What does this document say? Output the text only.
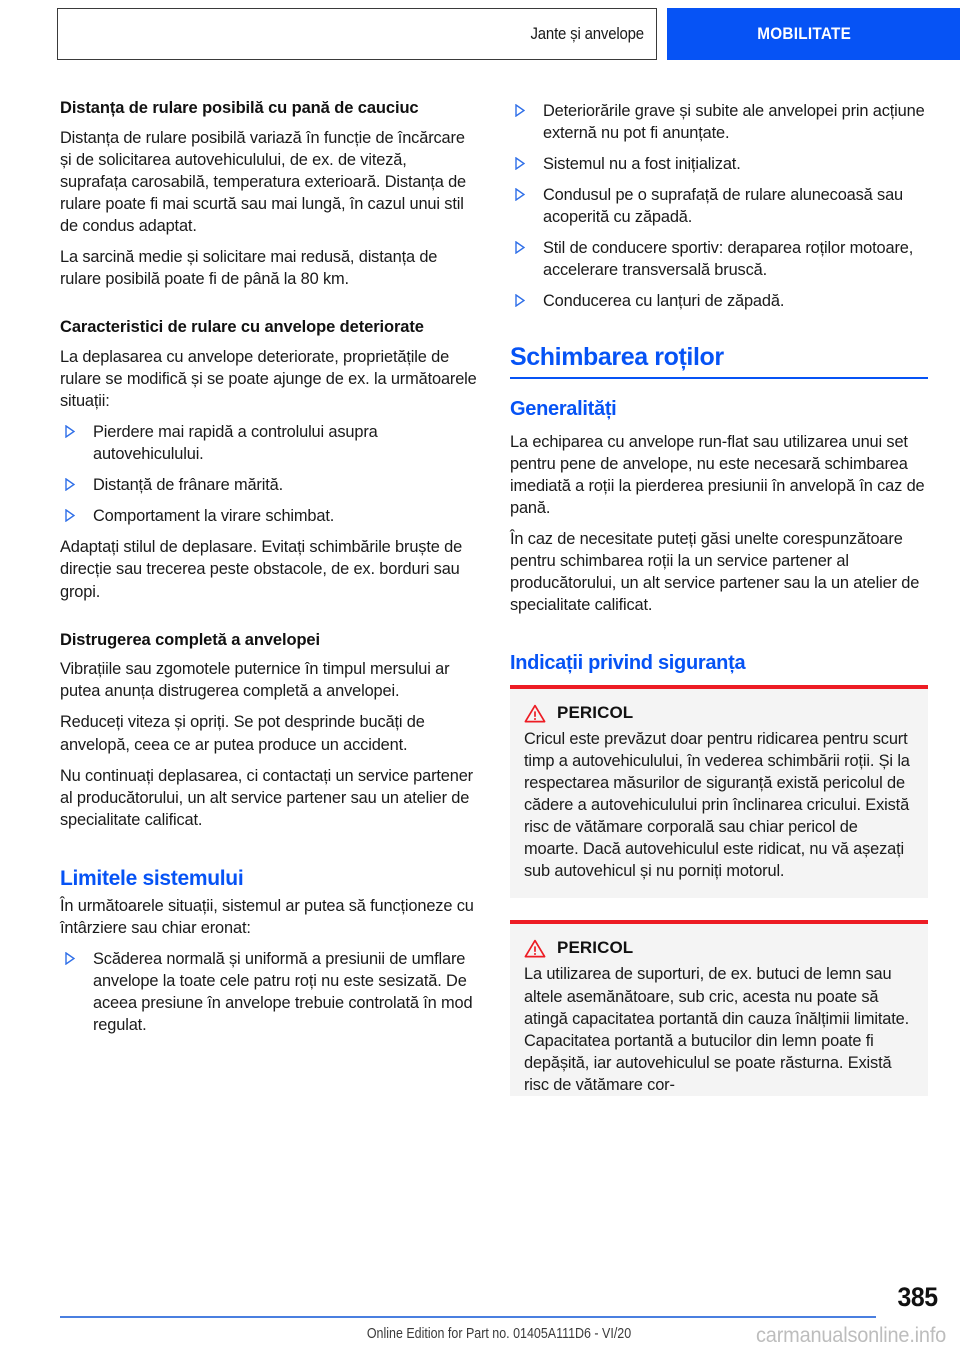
Jante și anvelope	MOBILITATE
Distanța de rulare posibilă cu pană de cauciuc

Distanța de rulare posibilă variază în funcție de încărcare și de solicitarea autovehiculului, de ex. de viteză, suprafața carosabilă, temperatura exterioară. Distanța de rulare poate fi mai scurtă sau mai lungă, în cazul unui stil de condus adaptat.

La sarcină medie și solicitare mai redusă, distanța de rulare posibilă poate fi de până la 80 km.

Caracteristici de rulare cu anvelope deteriorate

La deplasarea cu anvelope deteriorate, proprietățile de rulare se modifică și se poate ajunge de ex. la următoarele situații:

Pierdere mai rapidă a controlului asupra autovehiculului.
Distanță de frânare mărită.
Comportament la virare schimbat.

Adaptați stilul de deplasare. Evitați schimbările bruște de direcție sau trecerea peste obstacole, de ex. borduri sau gropi.

Distrugerea completă a anvelopei

Vibrațiile sau zgomotele puternice în timpul mersului ar putea anunța distrugerea completă a anvelopei.

Reduceți viteza și opriți. Se pot desprinde bucăți de anvelopă, ceea ce ar putea produce un accident.

Nu continuați deplasarea, ci contactați un service partener al producătorului, un alt service partener sau un atelier de specialitate calificat.

Limitele sistemului

În următoarele situații, sistemul ar putea să funcționeze cu întârziere sau chiar eronat:

Scăderea normală și uniformă a presiunii de umflare anvelope la toate cele patru roți nu este sesizată. De aceea presiune în anvelope trebuie controlată în mod regulat.
Deteriorările grave și subite ale anvelopei prin acțiune externă nu pot fi anunțate.
Sistemul nu a fost inițializat.
Condusul pe o suprafață de rulare alunecoasă sau acoperită cu zăpadă.
Stil de conducere sportiv: deraparea roților motoare, accelerare transversală bruscă.
Conducerea cu lanțuri de zăpadă.
Schimbarea roților
Generalități

La echiparea cu anvelope run-flat sau utilizarea unui set pentru pene de anvelope, nu este necesară schimbarea imediată a roții la pierderea presiunii în anvelopă în caz de pană.

În caz de necesitate puteți găsi unelte corespunzătoare pentru schimbarea roții la un service partener al producătorului, un alt service partener sau la un atelier de specialitate calificat.

Indicații privind siguranța
PERICOL

Cricul este prevăzut doar pentru ridicarea pentru scurt timp a autovehiculului, în vederea schimbării roții. Și la respectarea măsurilor de siguranță există pericolul de cădere a autovehiculului prin înclinarea cricului. Există risc de vătămare corporală sau chiar pericol de moarte. Dacă autovehiculul este ridicat, nu vă așezați sub autovehicul și nu porniți motorul.

PERICOL

La utilizarea de suporturi, de ex. butuci de lemn sau altele asemănătoare, sub cric, acesta nu poate să atingă capacitatea portantă din cauza înălțimii limitate. Capacitatea portantă a butucilor din lemn poate fi depășită, iar autovehiculul se poate răsturna. Există risc de vătămare cor-

385
Online Edition for Part no. 01405A111D6 - VI/20	carmanualsonline.info
